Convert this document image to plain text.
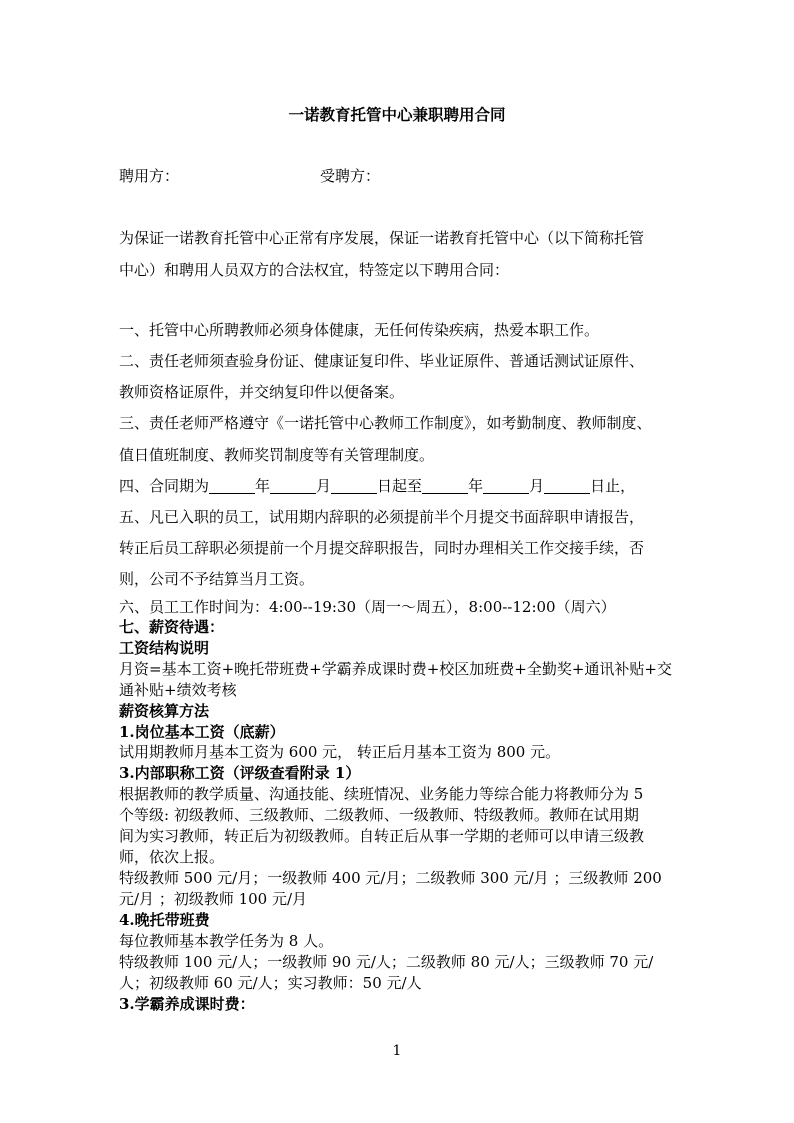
一诺教育托管中心兼职聘用合同
聘用方：	受聘方：
为保证一诺教育托管中心正常有序发展，保证一诺教育托管中心（以下简称托管
中心）和聘用人员双方的合法权宜，特签定以下聘用合同：
一、托管中心所聘教师必须身体健康，无任何传染疾病，热爱本职工作。
二、责任老师须查验身份证、健康证复印件、毕业证原件、普通话测试证原件、
教师资格证原件，并交纳复印件以便备案。
三、责任老师严格遵守《一诺托管中心教师工作制度》，如考勤制度、教师制度、
值日值班制度、教师奖罚制度等有关管理制度。
四、合同期为	年	月	日起至	年	月	日止，
五、凡已入职的员工，试用期内辞职的必须提前半个月提交书面辞职申请报告，
转正后员工辞职必须提前一个月提交辞职报告，同时办理相关工作交接手续，否
则，公司不予结算当月工资。
六、员工工作时间为：4:00--19:30（周一～周五），8:00--12:00（周六）
七、薪资待遇：
工资结构说明
月资=基本工资+晚托带班费+学霸养成课时费+校区加班费+全勤奖+通讯补贴+交
通补贴+绩效考核
薪资核算方法
1.岗位基本工资（底薪）
试用期教师月基本工资为 600 元， 转正后月基本工资为 800 元。
3.内部职称工资（评级查看附录 1）
根据教师的教学质量、沟通技能、续班情况、业务能力等综合能力将教师分为 5
个等级: 初级教师、三级教师、二级教师、一级教师、特级教师。教师在试用期
间为实习教师，转正后为初级教师。自转正后从事一学期的老师可以申请三级教
师，依次上报。
特级教师 500 元/月；一级教师 400 元/月；二级教师 300 元/月 ；三级教师 200
元/月 ；初级教师 100 元/月
4.晚托带班费
每位教师基本教学任务为 8 人。
特级教师 100 元/人；一级教师 90 元/人；二级教师 80 元/人；三级教师 70 元/
人；初级教师 60 元/人；实习教师：50 元/人
3.学霸养成课时费：
1
